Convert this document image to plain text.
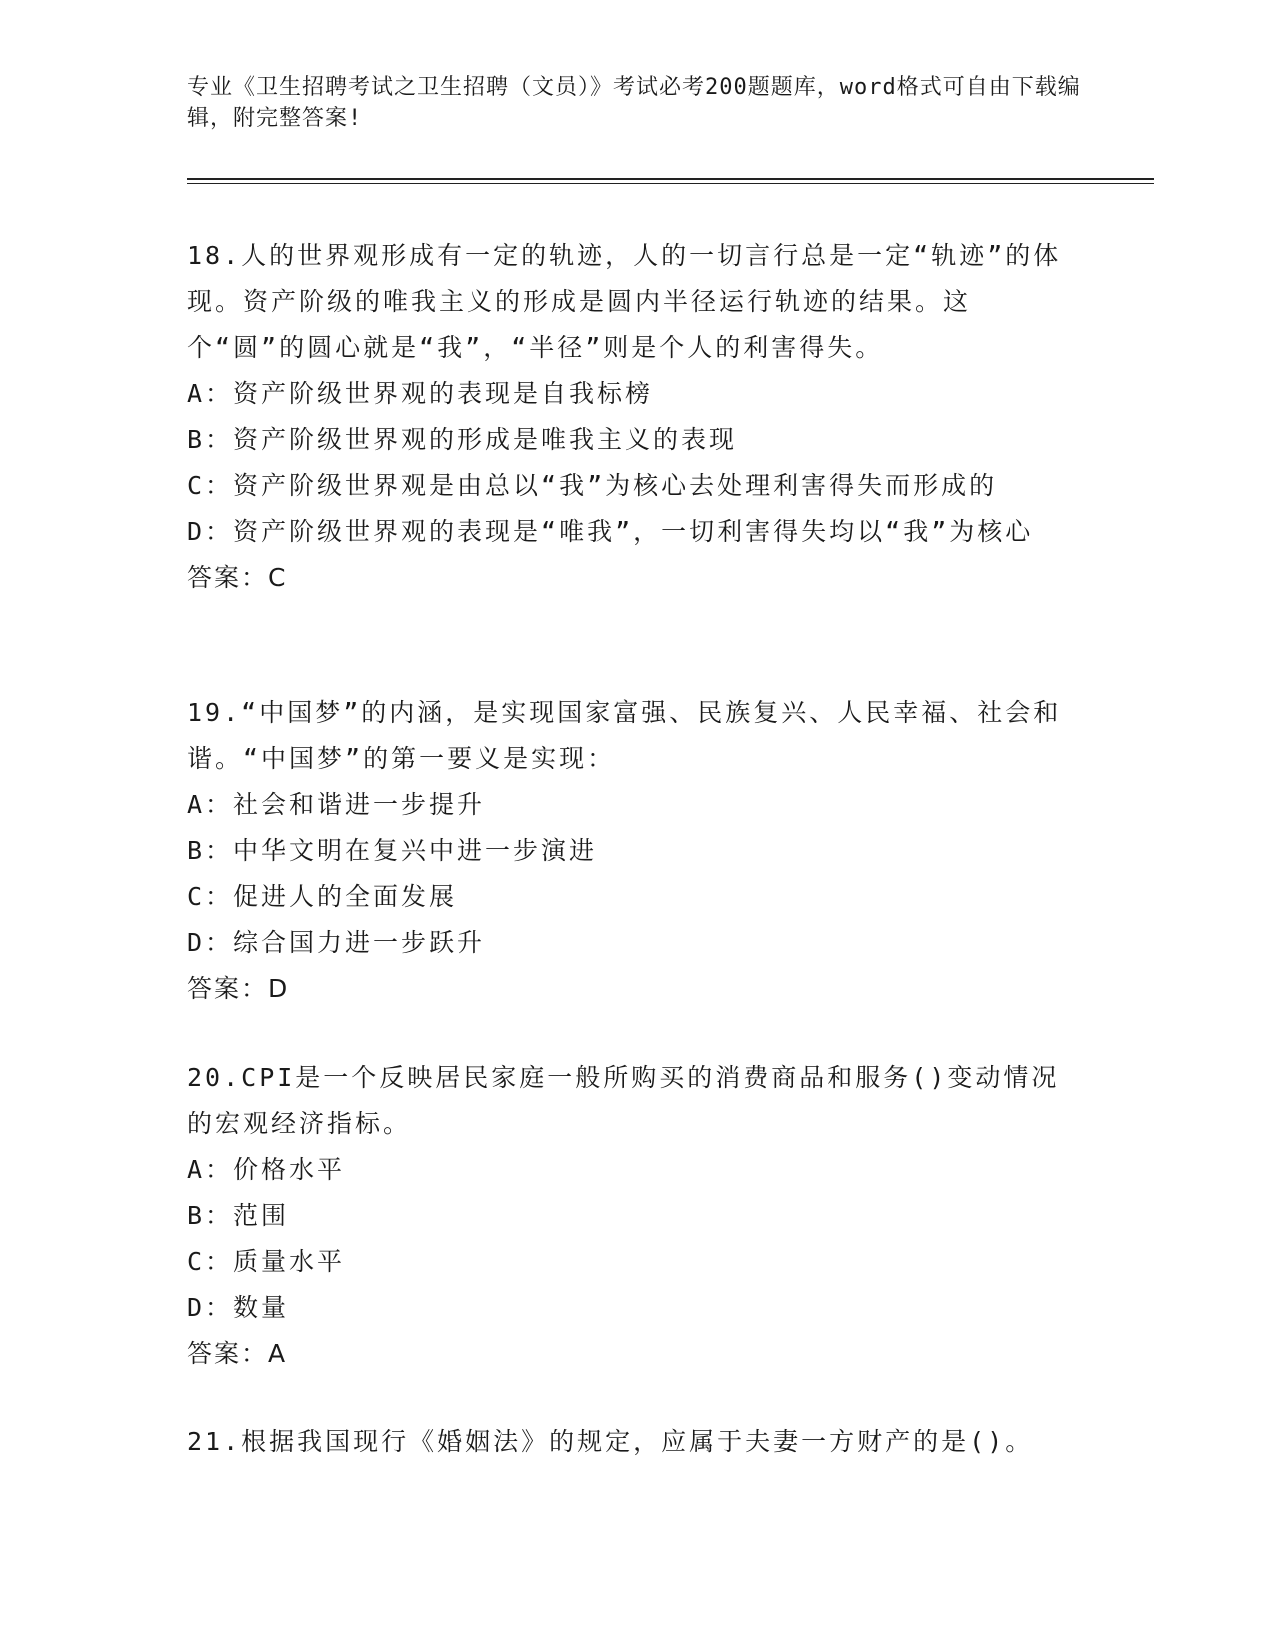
专业《卫生招聘考试之卫生招聘（文员）》考试必考200题题库，word格式可自由下载编辑，附完整答案!

18.人的世界观形成有一定的轨迹，人的一切言行总是一定“轨迹”的体现。资产阶级的唯我主义的形成是圆内半径运行轨迹的结果。这个“圆”的圆心就是“我”，“半径”则是个人的利害得失。

A：资产阶级世界观的表现是自我标榜

B：资产阶级世界观的形成是唯我主义的表现

C：资产阶级世界观是由总以“我”为核心去处理利害得失而形成的

D：资产阶级世界观的表现是“唯我”，一切利害得失均以“我”为核心

答案：C

19.“中国梦”的内涵，是实现国家富强、民族复兴、人民幸福、社会和谐。“中国梦”的第一要义是实现：

A：社会和谐进一步提升

B：中华文明在复兴中进一步演进

C：促进人的全面发展

D：综合国力进一步跃升

答案：D

20.CPI是一个反映居民家庭一般所购买的消费商品和服务()变动情况的宏观经济指标。

A：价格水平

B：范围

C：质量水平

D：数量

答案：A

21.根据我国现行《婚姻法》的规定，应属于夫妻一方财产的是()。
